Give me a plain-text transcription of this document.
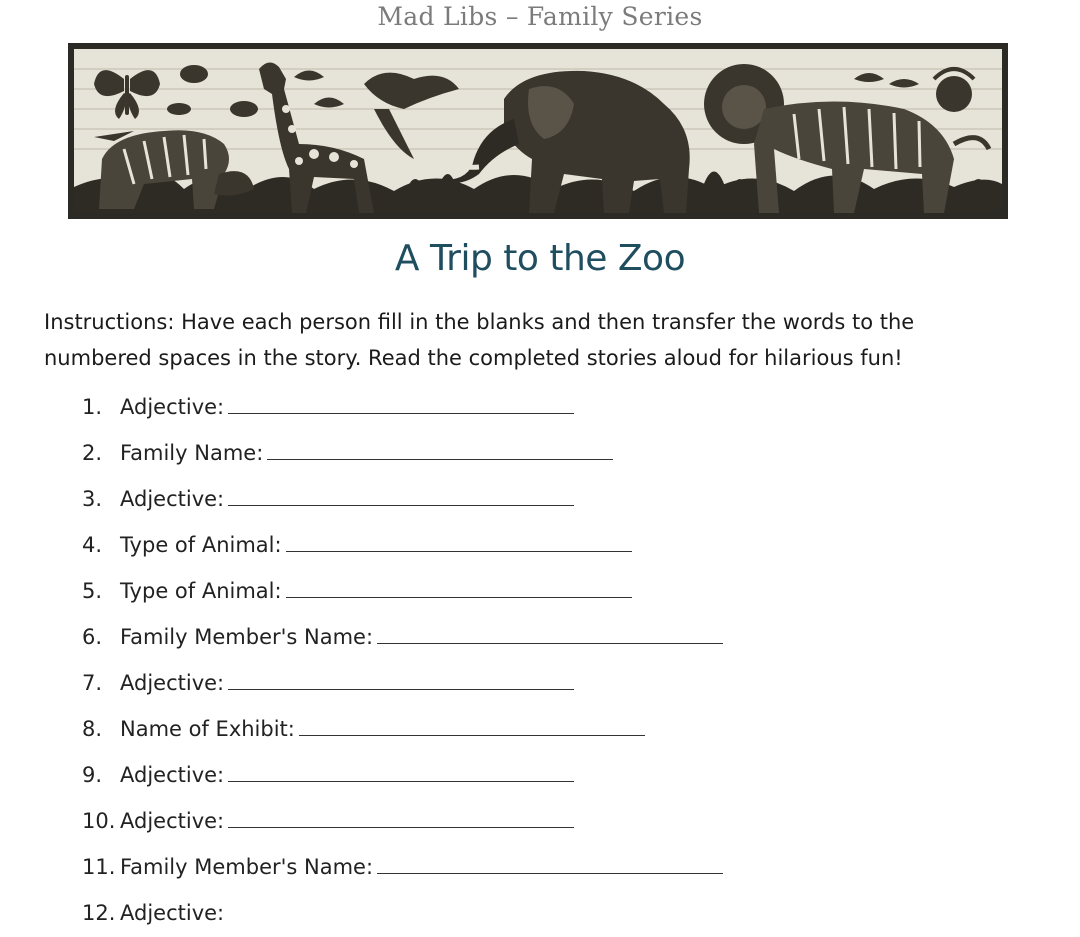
Mad Libs – Family Series
A Trip to the Zoo
Instructions: Have each person fill in the blanks and then transfer the words to the
numbered spaces in the story. Read the completed stories aloud for hilarious fun!
1. Adjective:
2. Family Name:
3. Adjective:
4. Type of Animal:
5. Type of Animal:
6. Family Member's Name:
7. Adjective:
8. Name of Exhibit:
9. Adjective:
10. Adjective:
11. Family Member's Name:
12. Adjective:
